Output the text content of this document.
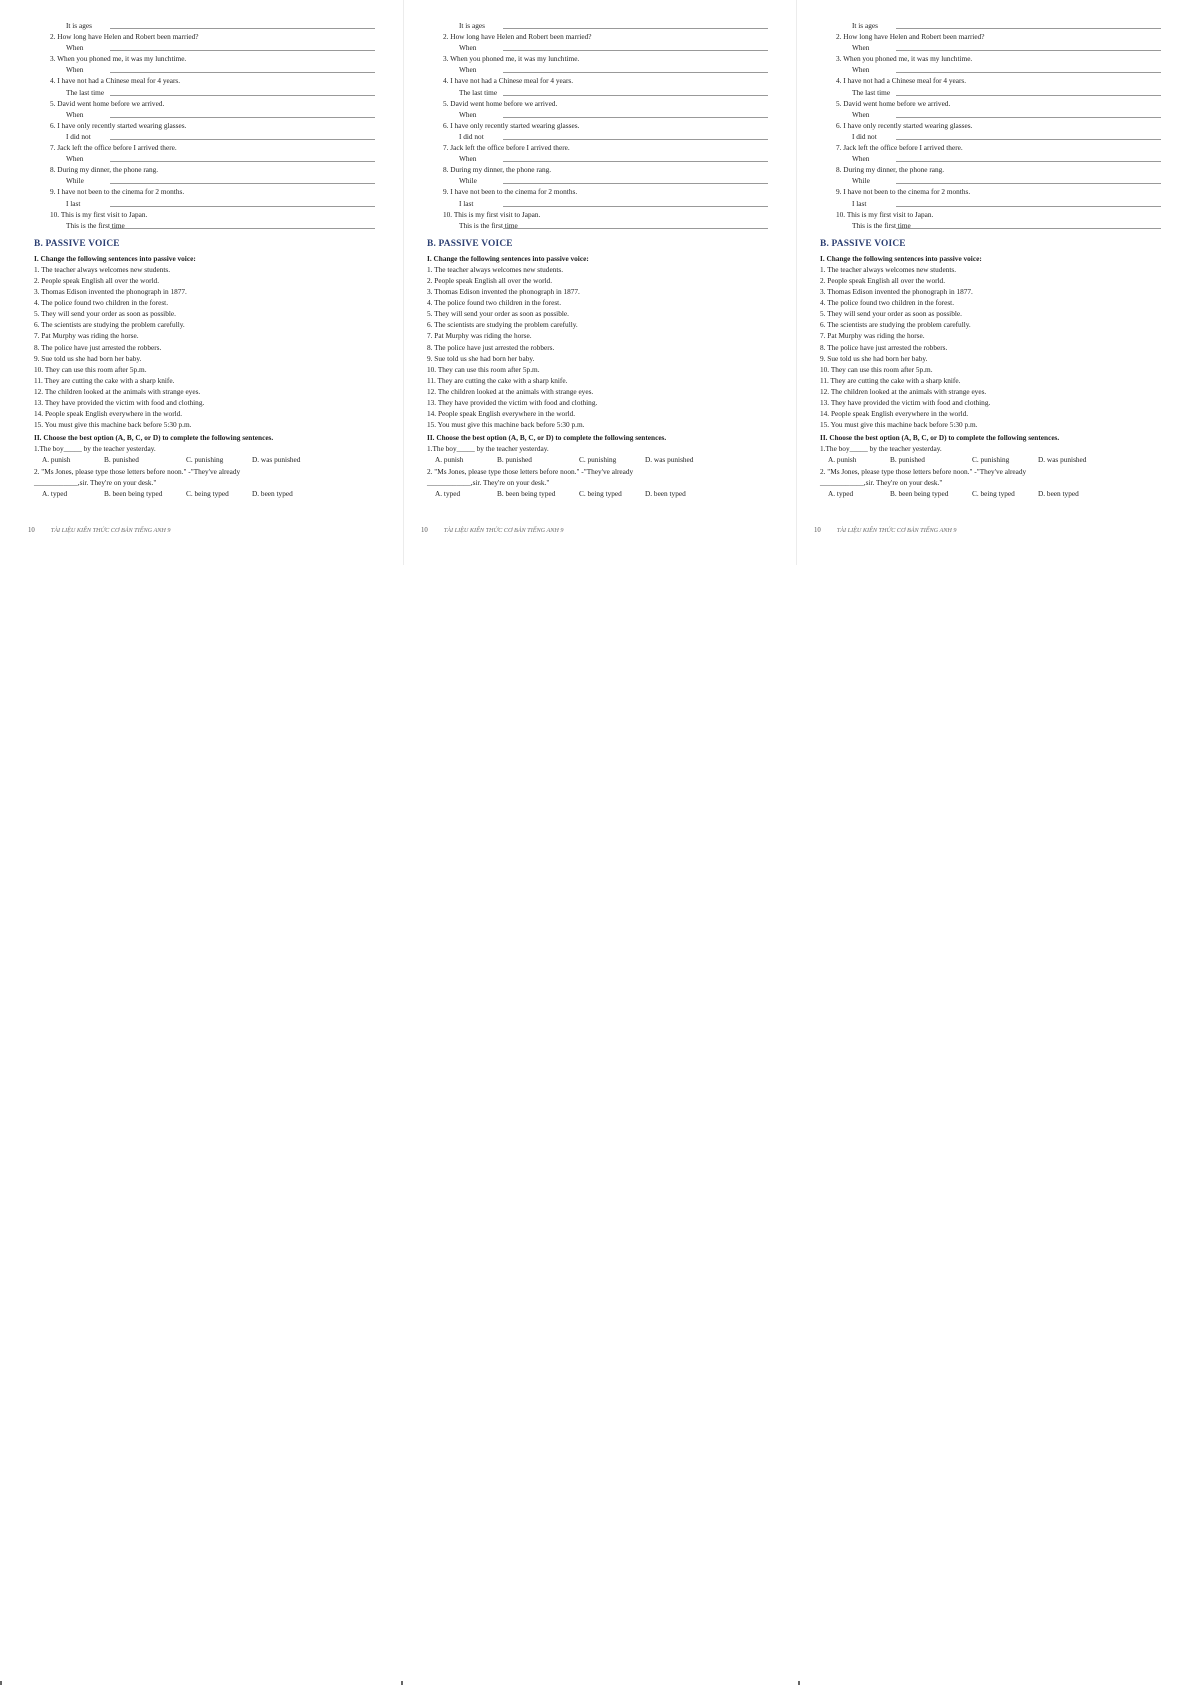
It is ages
2. How long have Helen and Robert been married?
When
3. When you phoned me, it was my lunchtime.
When
4. I have not had a Chinese meal for 4 years.
The last time
5. David went home before we arrived.
When
6. I have only recently started wearing glasses.
I did not
7. Jack left the office before I arrived there.
When
8. During my dinner, the phone rang.
While
9. I have not been to the cinema for 2 months.
I last
10. This is my first visit to Japan.
This is the first time
B. PASSIVE VOICE
I. Change the following sentences into passive voice:
1. The teacher always welcomes new students.
2. People speak English all over the world.
3. Thomas Edison invented the phonograph in 1877.
4. The police found two children in the forest.
5. They will send your order as soon as possible.
6. The scientists are studying the problem carefully.
7. Pat Murphy was riding the horse.
8. The police have just arrested the robbers.
9. Sue told us she had born her baby.
10. They can use this room after 5p.m.
11. They are cutting the cake with a sharp knife.
12. The children looked at the animals with strange eyes.
13. They have provided the victim with food and clothing.
14. People speak English everywhere in the world.
15. You must give this machine back before 5:30 p.m.
II. Choose the best option (A, B, C, or D) to complete the following sentences.
1.The boy_____ by the teacher yesterday.
A. punish	B. punished	C. punishing	D. was punished
2. "Ms Jones, please type those letters before noon." -"They've already
____________,sir. They're on your desk."
A. typed	B. been being typed	C. being typed	D. been typed
10	TÀI LIỆU KIẾN THỨC CƠ BẢN TIẾNG ANH 9
It is ages
2. How long have Helen and Robert been married?
When
3. When you phoned me, it was my lunchtime.
When
4. I have not had a Chinese meal for 4 years.
The last time
5. David went home before we arrived.
When
6. I have only recently started wearing glasses.
I did not
7. Jack left the office before I arrived there.
When
8. During my dinner, the phone rang.
While
9. I have not been to the cinema for 2 months.
I last
10. This is my first visit to Japan.
This is the first time
B. PASSIVE VOICE
I. Change the following sentences into passive voice:
1. The teacher always welcomes new students.
2. People speak English all over the world.
3. Thomas Edison invented the phonograph in 1877.
4. The police found two children in the forest.
5. They will send your order as soon as possible.
6. The scientists are studying the problem carefully.
7. Pat Murphy was riding the horse.
8. The police have just arrested the robbers.
9. Sue told us she had born her baby.
10. They can use this room after 5p.m.
11. They are cutting the cake with a sharp knife.
12. The children looked at the animals with strange eyes.
13. They have provided the victim with food and clothing.
14. People speak English everywhere in the world.
15. You must give this machine back before 5:30 p.m.
II. Choose the best option (A, B, C, or D) to complete the following sentences.
1.The boy_____ by the teacher yesterday.
A. punish	B. punished	C. punishing	D. was punished
2. "Ms Jones, please type those letters before noon." -"They've already
____________,sir. They're on your desk."
A. typed	B. been being typed	C. being typed	D. been typed
10	TÀI LIỆU KIẾN THỨC CƠ BẢN TIẾNG ANH 9
It is ages
2. How long have Helen and Robert been married?
When
3. When you phoned me, it was my lunchtime.
When
4. I have not had a Chinese meal for 4 years.
The last time
5. David went home before we arrived.
When
6. I have only recently started wearing glasses.
I did not
7. Jack left the office before I arrived there.
When
8. During my dinner, the phone rang.
While
9. I have not been to the cinema for 2 months.
I last
10. This is my first visit to Japan.
This is the first time
B. PASSIVE VOICE
I. Change the following sentences into passive voice:
1. The teacher always welcomes new students.
2. People speak English all over the world.
3. Thomas Edison invented the phonograph in 1877.
4. The police found two children in the forest.
5. They will send your order as soon as possible.
6. The scientists are studying the problem carefully.
7. Pat Murphy was riding the horse.
8. The police have just arrested the robbers.
9. Sue told us she had born her baby.
10. They can use this room after 5p.m.
11. They are cutting the cake with a sharp knife.
12. The children looked at the animals with strange eyes.
13. They have provided the victim with food and clothing.
14. People speak English everywhere in the world.
15. You must give this machine back before 5:30 p.m.
II. Choose the best option (A, B, C, or D) to complete the following sentences.
1.The boy_____ by the teacher yesterday.
A. punish	B. punished	C. punishing	D. was punished
2. "Ms Jones, please type those letters before noon." -"They've already
____________,sir. They're on your desk."
A. typed	B. been being typed	C. being typed	D. been typed
10	TÀI LIỆU KIẾN THỨC CƠ BẢN TIẾNG ANH 9
